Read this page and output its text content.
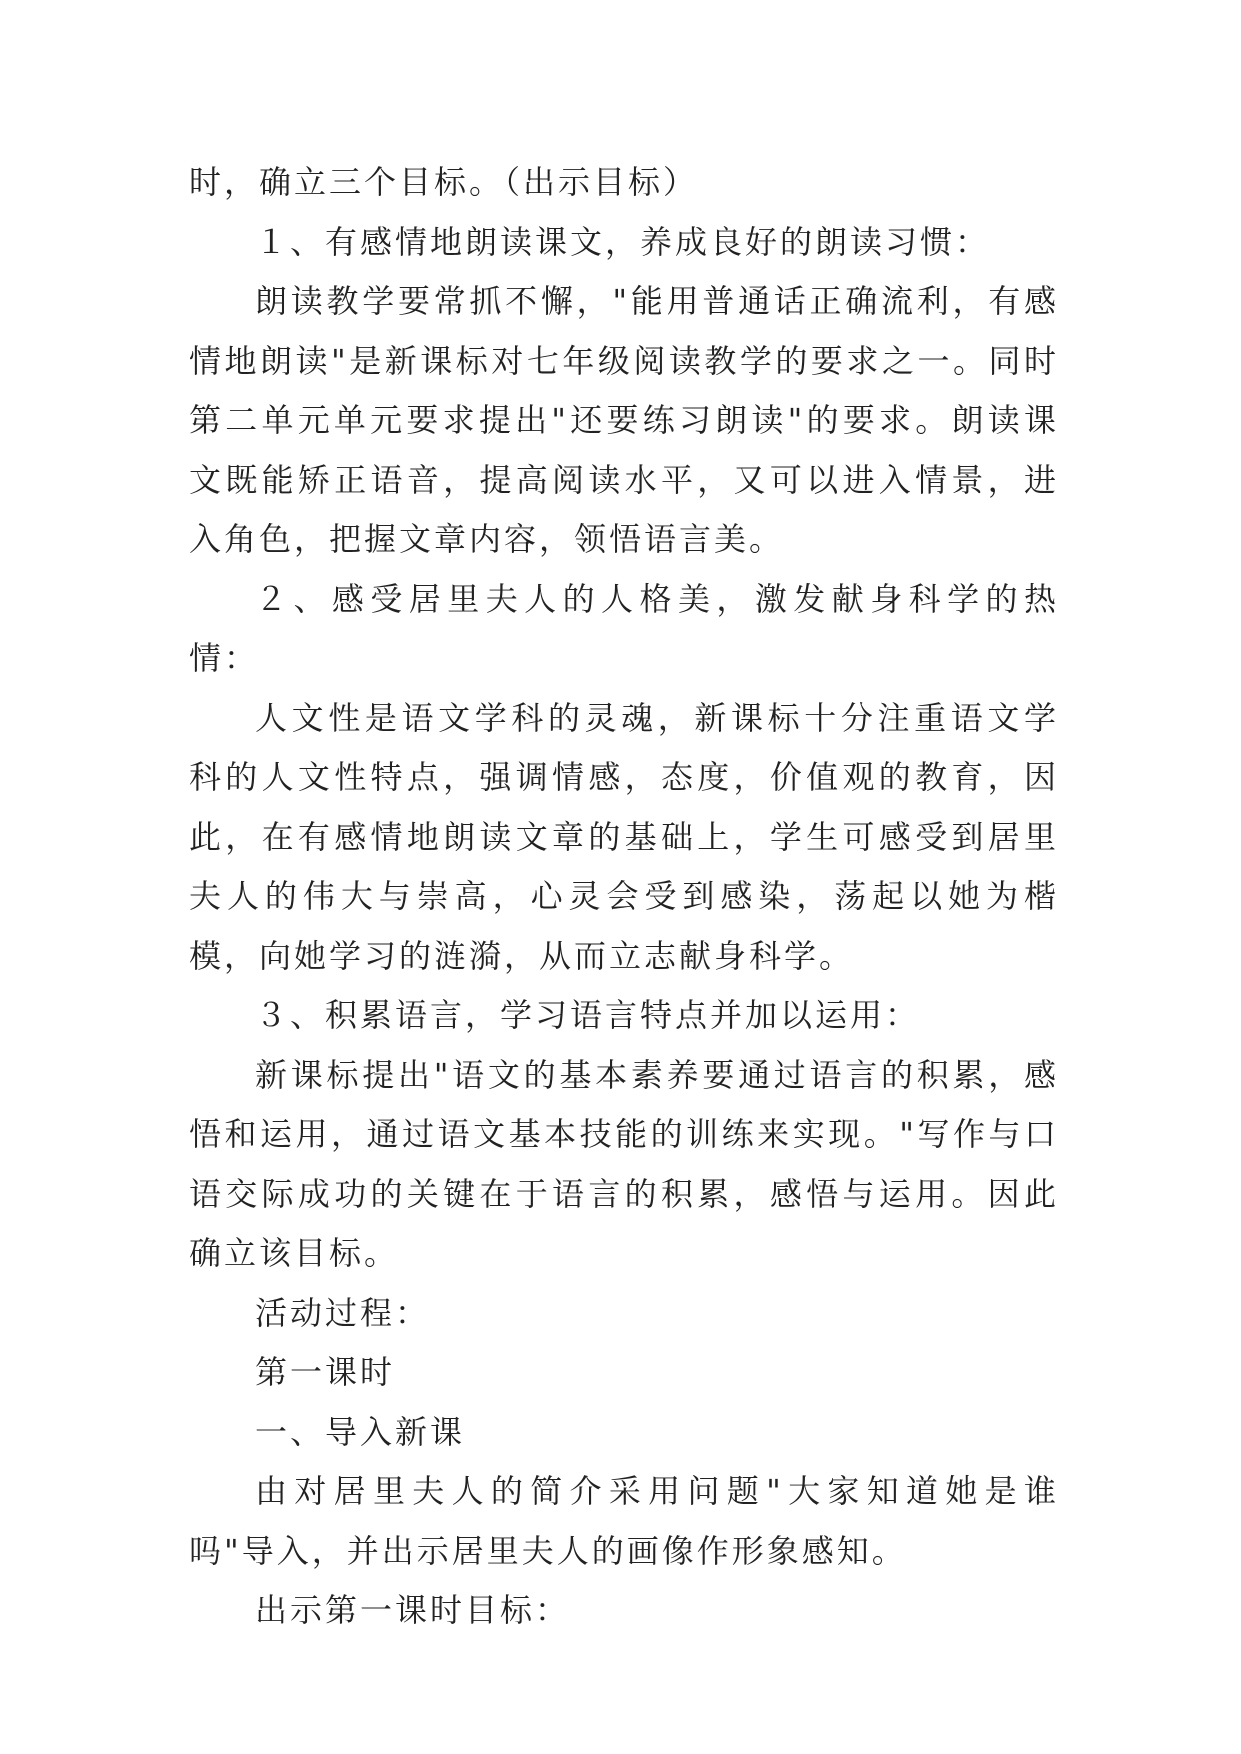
时，确立三个目标。（出示目标）

１、有感情地朗读课文，养成良好的朗读习惯：

朗读教学要常抓不懈，"能用普通话正确流利，有感情地朗读"是新课标对七年级阅读教学的要求之一。同时第二单元单元要求提出"还要练习朗读"的要求。朗读课文既能矫正语音，提高阅读水平，又可以进入情景，进入角色，把握文章内容，领悟语言美。

２、感受居里夫人的人格美，激发献身科学的热情：

人文性是语文学科的灵魂，新课标十分注重语文学科的人文性特点，强调情感，态度，价值观的教育，因此，在有感情地朗读文章的基础上，学生可感受到居里夫人的伟大与崇高，心灵会受到感染，荡起以她为楷模，向她学习的涟漪，从而立志献身科学。

３、积累语言，学习语言特点并加以运用：

新课标提出"语文的基本素养要通过语言的积累，感悟和运用，通过语文基本技能的训练来实现。"写作与口语交际成功的关键在于语言的积累，感悟与运用。因此确立该目标。

活动过程：

第一课时

一、导入新课

由对居里夫人的简介采用问题"大家知道她是谁吗"导入，并出示居里夫人的画像作形象感知。

出示第一课时目标：
